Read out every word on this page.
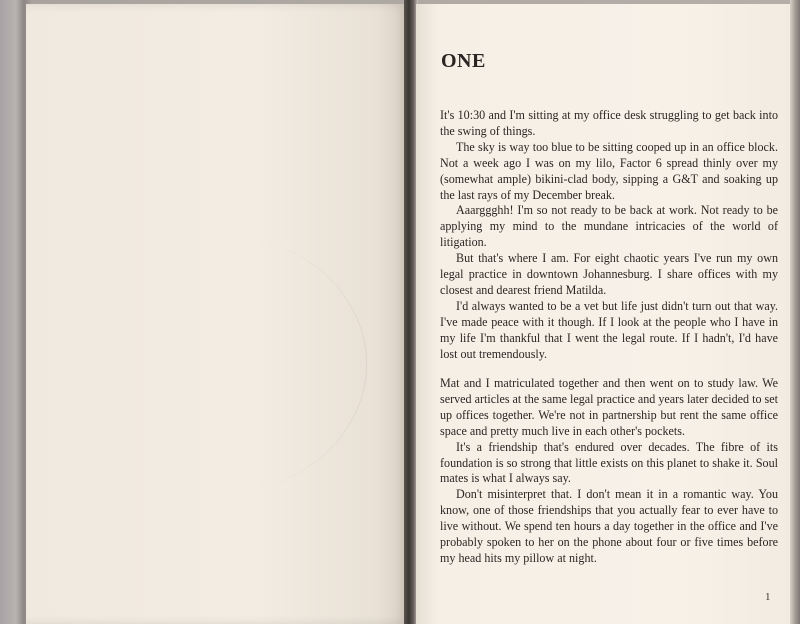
ONE

It's 10:30 and I'm sitting at my office desk struggling to get back into the swing of things.

The sky is way too blue to be sitting cooped up in an office block. Not a week ago I was on my lilo, Factor 6 spread thinly over my (somewhat ample) bikini-clad body, sipping a G&T and soaking up the last rays of my December break.

Aaarggghh! I'm so not ready to be back at work. Not ready to be applying my mind to the mundane intricacies of the world of litigation.

But that's where I am. For eight chaotic years I've run my own legal practice in downtown Johannesburg. I share offices with my closest and dearest friend Matilda.

I'd always wanted to be a vet but life just didn't turn out that way. I've made peace with it though. If I look at the people who I have in my life I'm thankful that I went the legal route. If I hadn't, I'd have lost out tremendously.

Mat and I matriculated together and then went on to study law. We served articles at the same legal practice and years later decided to set up offices together. We're not in partnership but rent the same office space and pretty much live in each other's pockets.

It's a friendship that's endured over decades. The fibre of its foundation is so strong that little exists on this planet to shake it. Soul mates is what I always say.

Don't misinterpret that. I don't mean it in a romantic way. You know, one of those friendships that you actually fear to ever have to live without. We spend ten hours a day together in the office and I've probably spoken to her on the phone about four or five times before my head hits my pillow at night.

1
